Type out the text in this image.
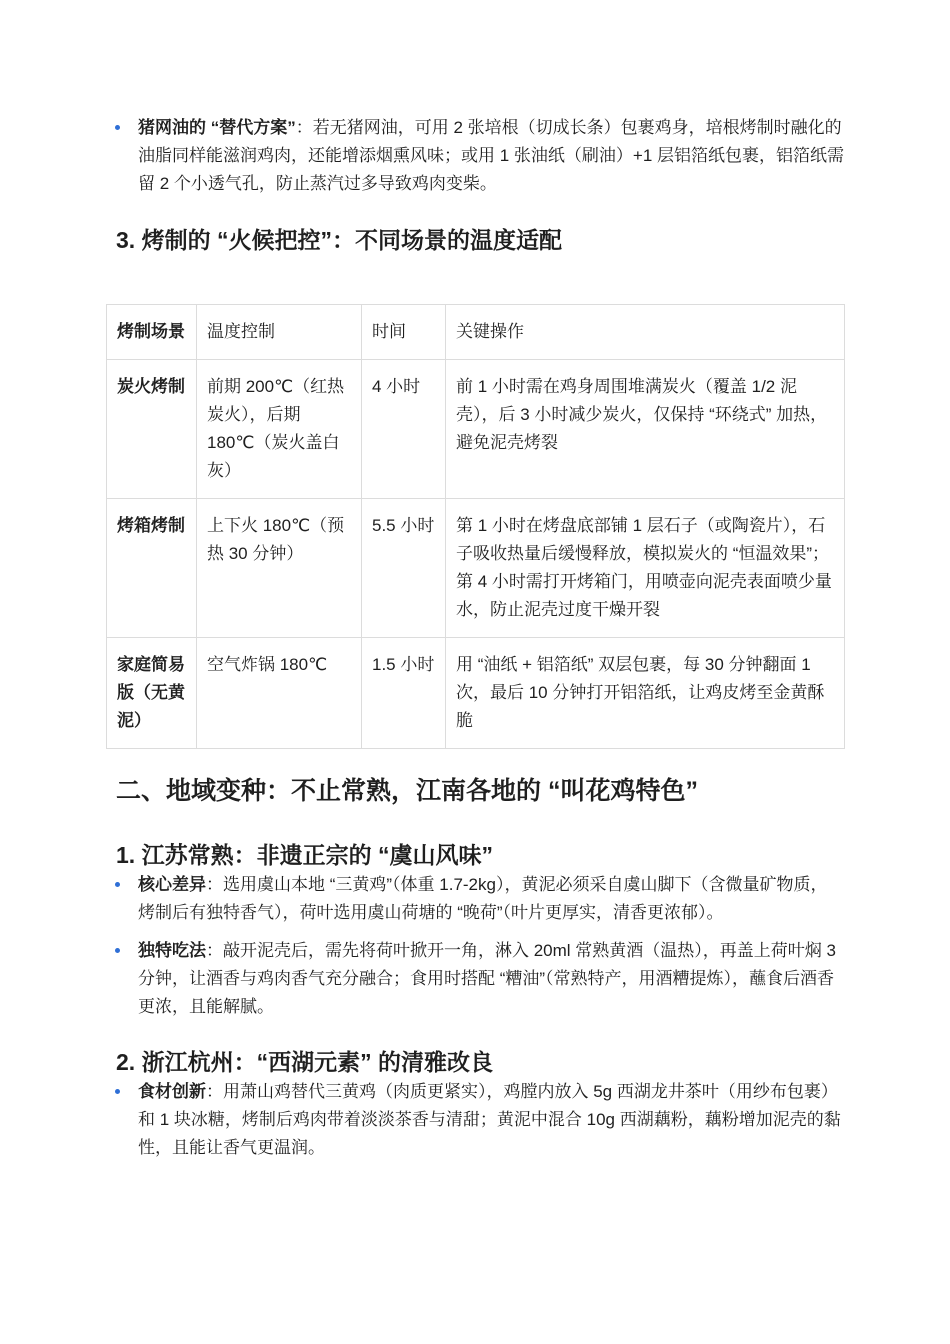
猪网油的 “替代方案”：若无猪网油，可用 2 张培根（切成长条）包裹鸡身，培根烤制时融化的油脂同样能滋润鸡肉，还能增添烟熏风味；或用 1 张油纸（刷油）+1 层铝箔纸包裹，铝箔纸需留 2 个小透气孔，防止蒸汽过多导致鸡肉变柴。
3. 烤制的 “火候把控”：不同场景的温度适配
烤制场景	温度控制	时间	关键操作
炭火烤制	前期 200℃（红热炭火），后期 180℃（炭火盖白灰）	4 小时	前 1 小时需在鸡身周围堆满炭火（覆盖 1/2 泥壳），后 3 小时减少炭火，仅保持 “环绕式” 加热，避免泥壳烤裂
烤箱烤制	上下火 180℃（预热 30 分钟）	5.5 小时	第 1 小时在烤盘底部铺 1 层石子（或陶瓷片），石子吸收热量后缓慢释放，模拟炭火的 “恒温效果”；第 4 小时需打开烤箱门，用喷壶向泥壳表面喷少量水，防止泥壳过度干燥开裂
家庭简易版（无黄泥）	空气炸锅 180℃	1.5 小时	用 “油纸 + 铝箔纸” 双层包裹，每 30 分钟翻面 1 次，最后 10 分钟打开铝箔纸，让鸡皮烤至金黄酥脆
二、地域变种：不止常熟，江南各地的 “叫花鸡特色”
1. 江苏常熟：非遗正宗的 “虞山风味”
核心差异：选用虞山本地 “三黄鸡”（体重 1.7-2kg），黄泥必须采自虞山脚下（含微量矿物质，烤制后有独特香气），荷叶选用虞山荷塘的 “晚荷”（叶片更厚实，清香更浓郁）。
独特吃法：敲开泥壳后，需先将荷叶掀开一角，淋入 20ml 常熟黄酒（温热），再盖上荷叶焖 3 分钟，让酒香与鸡肉香气充分融合；食用时搭配 “糟油”（常熟特产，用酒糟提炼），蘸食后酒香更浓，且能解腻。
2. 浙江杭州：“西湖元素” 的清雅改良
食材创新：用萧山鸡替代三黄鸡（肉质更紧实），鸡膛内放入 5g 西湖龙井茶叶（用纱布包裹）和 1 块冰糖，烤制后鸡肉带着淡淡茶香与清甜；黄泥中混合 10g 西湖藕粉，藕粉增加泥壳的黏性，且能让香气更温润。
